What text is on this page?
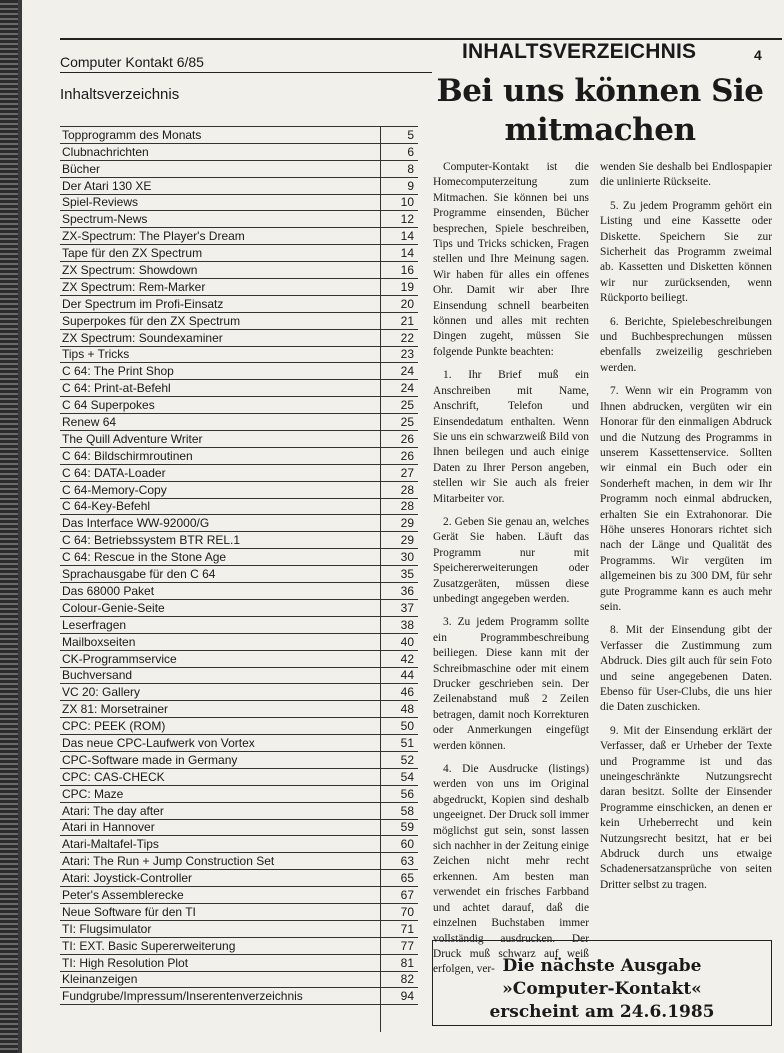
Computer Kontakt 6/85	INHALTSVERZEICHNIS	4
Inhaltsverzeichnis
Topprogramm des Monats	5
Clubnachrichten	6
Bücher	8
Der Atari 130 XE	9
Spiel-Reviews	10
Spectrum-News	12
ZX-Spectrum: The Player's Dream	14
Tape für den ZX Spectrum	14
ZX Spectrum: Showdown	16
ZX Spectrum: Rem-Marker	19
Der Spectrum im Profi-Einsatz	20
Superpokes für den ZX Spectrum	21
ZX Spectrum: Soundexaminer	22
Tips + Tricks	23
C 64: The Print Shop	24
C 64: Print-at-Befehl	24
C 64 Superpokes	25
Renew 64	25
The Quill Adventure Writer	26
C 64: Bildschirmroutinen	26
C 64: DATA-Loader	27
C 64-Memory-Copy	28
C 64-Key-Befehl	28
Das Interface WW-92000/G	29
C 64: Betriebssystem BTR REL.1	29
C 64: Rescue in the Stone Age	30
Sprachausgabe für den C 64	35
Das 68000 Paket	36
Colour-Genie-Seite	37
Leserfragen	38
Mailboxseiten	40
CK-Programmservice	42
Buchversand	44
VC 20: Gallery	46
ZX 81: Morsetrainer	48
CPC: PEEK (ROM)	50
Das neue CPC-Laufwerk von Vortex	51
CPC-Software made in Germany	52
CPC: CAS-CHECK	54
CPC: Maze	56
Atari: The day after	58
Atari in Hannover	59
Atari-Maltafel-Tips	60
Atari: The Run + Jump Construction Set	63
Atari: Joystick-Controller	65
Peter's Assemblerecke	67
Neue Software für den TI	70
TI: Flugsimulator	71
TI: EXT. Basic Supererweiterung	77
TI: High Resolution Plot	81
Kleinanzeigen	82
Fundgrube/Impressum/Inserentenverzeichnis	94
Bei uns können Sie
mitmachen

Computer-Kontakt ist die Homecomputerzeitung zum Mitmachen. Sie können bei uns Programme einsenden, Bücher besprechen, Spiele beschreiben, Tips und Tricks schicken, Fragen stellen und Ihre Meinung sagen. Wir haben für alles ein offenes Ohr. Damit wir aber Ihre Einsendung schnell bearbeiten können und alles mit rechten Dingen zugeht, müssen Sie folgende Punkte beachten:

1. Ihr Brief muß ein Anschreiben mit Name, Anschrift, Telefon und Einsendedatum enthalten. Wenn Sie uns ein schwarzweiß Bild von Ihnen beilegen und auch einige Daten zu Ihrer Person angeben, stellen wir Sie auch als freier Mitarbeiter vor.

2. Geben Sie genau an, welches Gerät Sie haben. Läuft das Programm nur mit Speichererweiterungen oder Zusatzgeräten, müssen diese unbedingt angegeben werden.

3. Zu jedem Programm sollte ein Programmbeschreibung beiliegen. Diese kann mit der Schreibmaschine oder mit einem Drucker geschrieben sein. Der Zeilenabstand muß 2 Zeilen betragen, damit noch Korrekturen oder Anmerkungen eingefügt werden können.

4. Die Ausdrucke (listings) werden von uns im Original abgedruckt, Kopien sind deshalb ungeeignet. Der Druck soll immer möglichst gut sein, sonst lassen sich nachher in der Zeitung einige Zeichen nicht mehr recht erkennen. Am besten man verwendet ein frisches Farbband und achtet darauf, daß die einzelnen Buchstaben immer vollständig ausdrucken. Der Druck muß schwarz auf weiß erfolgen, ver-

wenden Sie deshalb bei Endlospapier die unlinierte Rückseite.

5. Zu jedem Programm gehört ein Listing und eine Kassette oder Diskette. Speichern Sie zur Sicherheit das Programm zweimal ab. Kassetten und Disketten können wir nur zurücksenden, wenn Rückporto beiliegt.

6. Berichte, Spielebeschreibungen und Buchbesprechungen müssen ebenfalls zweizeilig geschrieben werden.

7. Wenn wir ein Programm von Ihnen abdrucken, vergüten wir ein Honorar für den einmaligen Abdruck und die Nutzung des Programms in unserem Kassettenservice. Sollten wir einmal ein Buch oder ein Sonderheft machen, in dem wir Ihr Programm noch einmal abdrucken, erhalten Sie ein Extrahonorar. Die Höhe unseres Honorars richtet sich nach der Länge und Qualität des Programms. Wir vergüten im allgemeinen bis zu 300 DM, für sehr gute Programme kann es auch mehr sein.

8. Mit der Einsendung gibt der Verfasser die Zustimmung zum Abdruck. Dies gilt auch für sein Foto und seine angegebenen Daten. Ebenso für User-Clubs, die uns hier die Daten zuschicken.

9. Mit der Einsendung erklärt der Verfasser, daß er Urheber der Texte und Programme ist und das uneingeschränkte Nutzungsrecht daran besitzt. Sollte der Einsender Programme einschicken, an denen er kein Urheberrecht und kein Nutzungsrecht besitzt, hat er bei Abdruck durch uns etwaige Schadenersatzansprüche von seiten Dritter selbst zu tragen.

Die nächste Ausgabe
»Computer-Kontakt«
erscheint am 24.6.1985
